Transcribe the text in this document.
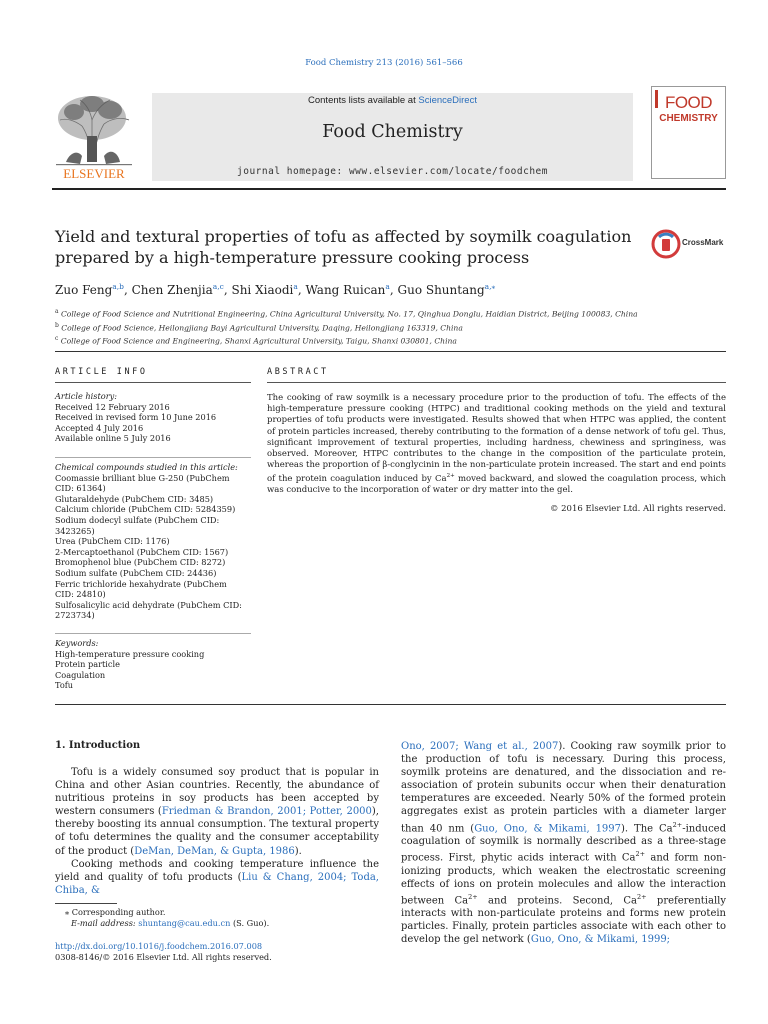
Food Chemistry 213 (2016) 561–566
Contents lists available at ScienceDirect
Food Chemistry
journal homepage: www.elsevier.com/locate/foodchem
ELSEVIER
FOOD
CHEMISTRY
Yield and textural properties of tofu as affected by soymilk coagulation prepared by a high-temperature pressure cooking process
CrossMark
Zuo Feng$^{a,b}$, Chen Zhenjia$^{a,c}$, Shi Xiaodi$^a$, Wang Ruican$^a$, Guo Shuntang$^{a,⁎}$
$^a$ College of Food Science and Nutritional Engineering, China Agricultural University, No. 17, Qinghua Donglu, Haidian District, Beijing 100083, China
$^b$ College of Food Science, Heilongjiang Bayi Agricultural University, Daqing, Heilongjiang 163319, China
$^c$ College of Food Science and Engineering, Shanxi Agricultural University, Taigu, Shanxi 030801, China
ARTICLE INFO
Article history:
Received 12 February 2016
Received in revised form 10 June 2016
Accepted 4 July 2016
Available online 5 July 2016
Chemical compounds studied in this article:
Coomassie brilliant blue G-250 (PubChem
CID: 61364)
Glutaraldehyde (PubChem CID: 3485)
Calcium chloride (PubChem CID: 5284359)
Sodium dodecyl sulfate (PubChem CID:
3423265)
Urea (PubChem CID: 1176)
2-Mercaptoethanol (PubChem CID: 1567)
Bromophenol blue (PubChem CID: 8272)
Sodium sulfate (PubChem CID: 24436)
Ferric trichloride hexahydrate (PubChem
CID: 24810)
Sulfosalicylic acid dehydrate (PubChem CID:
2723734)
Keywords:
High-temperature pressure cooking
Protein particle
Coagulation
Tofu
ABSTRACT
The cooking of raw soymilk is a necessary procedure prior to the production of tofu. The effects of the high-temperature pressure cooking (HTPC) and traditional cooking methods on the yield and textural properties of tofu products were investigated. Results showed that when HTPC was applied, the content of protein particles increased, thereby contributing to the formation of a dense network of tofu gel. Thus, significant improvement of textural properties, including hardness, chewiness and springiness, was observed. Moreover, HTPC contributes to the change in the composition of the particulate protein, whereas the proportion of β-conglycinin in the non-particulate protein increased. The start and end points of the protein coagulation induced by $Ca^{2+}$ moved backward, and slowed the coagulation process, which was conducive to the incorporation of water or dry matter into the gel.
© 2016 Elsevier Ltd. All rights reserved.
1. Introduction

Tofu is a widely consumed soy product that is popular in China and other Asian countries. Recently, the abundance of nutritious proteins in soy products has been accepted by western consumers (Friedman & Brandon, 2001; Potter, 2000), thereby boosting its annual consumption. The textural property of tofu determines the quality and the consumer acceptability of the product (DeMan, DeMan, & Gupta, 1986).

Cooking methods and cooking temperature influence the yield and quality of tofu products (Liu & Chang, 2004; Toda, Chiba, &

Ono, 2007; Wang et al., 2007). Cooking raw soymilk prior to the production of tofu is necessary. During this process, soymilk proteins are denatured, and the dissociation and re-association of protein subunits occur when their denaturation temperatures are exceeded. Nearly 50% of the formed protein aggregates exist as protein particles with a diameter larger than 40 nm (Guo, Ono, & Mikami, 1997). The $Ca^{2+}$-induced coagulation of soymilk is normally described as a three-stage process. First, phytic acids interact with $Ca^{2+}$ and form non-ionizing products, which weaken the electrostatic screening effects of ions on protein molecules and allow the interaction between $Ca^{2+}$ and proteins. Second, $Ca^{2+}$ preferentially interacts with non-particulate proteins and forms new protein particles. Finally, protein particles associate with each other to develop the gel network (Guo, Ono, & Mikami, 1999;
⁎ Corresponding author.
E-mail address: shuntang@cau.edu.cn (S. Guo).
http://dx.doi.org/10.1016/j.foodchem.2016.07.008
0308-8146/© 2016 Elsevier Ltd. All rights reserved.
